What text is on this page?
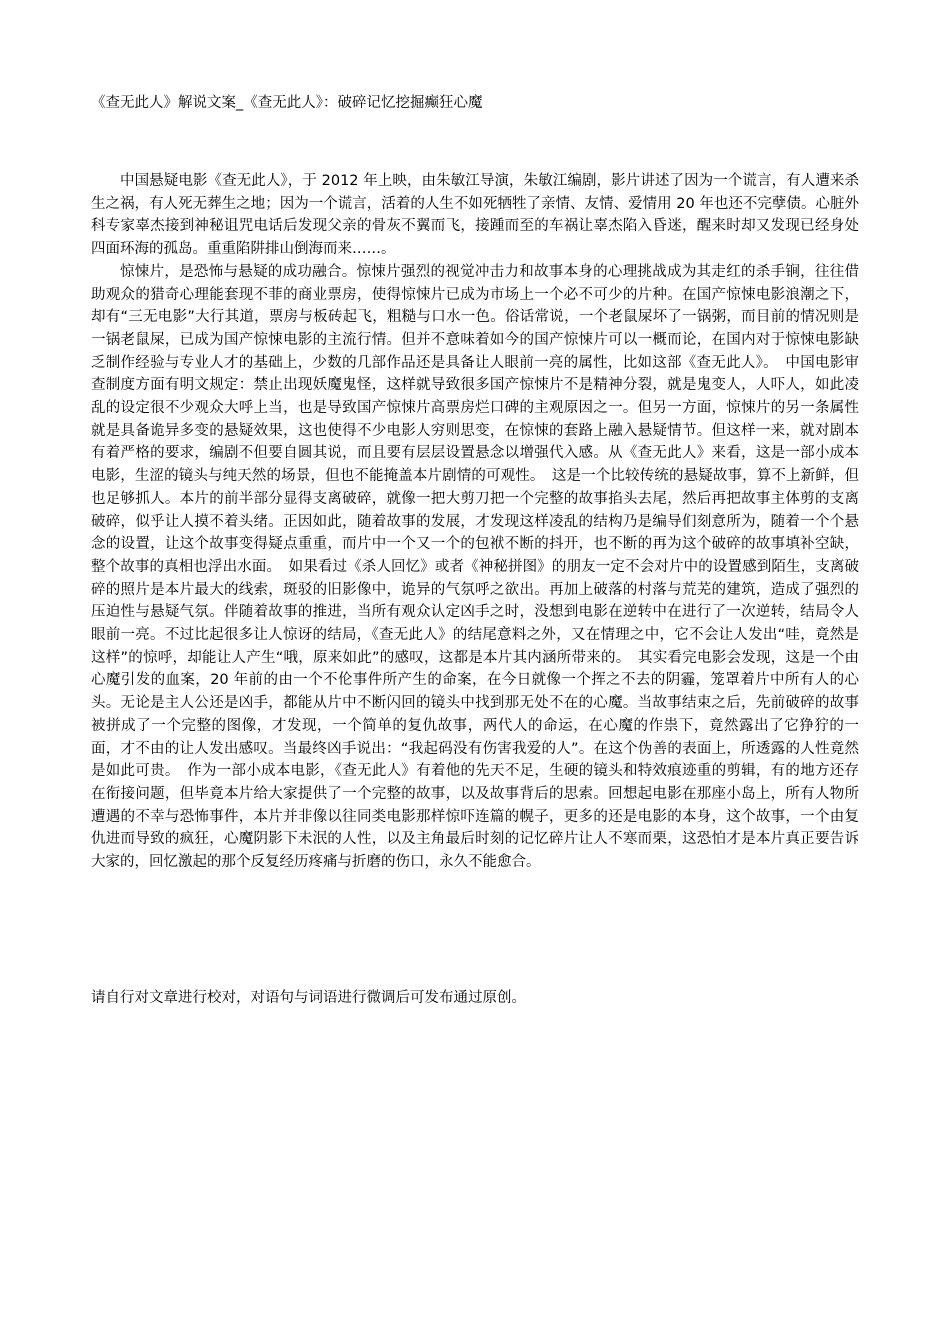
《查无此人》解说文案_《查无此人》：破碎记忆挖掘癫狂心魔

中国悬疑电影《查无此人》，于 2012 年上映，由朱敏江导演，朱敏江编剧，影片讲述了因为一个谎言，有人遭来杀生之祸，有人死无葬生之地；因为一个谎言，活着的人生不如死牺牲了亲情、友情、爱情用 20 年也还不完孽债。心脏外科专家辜杰接到神秘诅咒电话后发现父亲的骨灰不翼而飞，接踵而至的车祸让辜杰陷入昏迷，醒来时却又发现已经身处四面环海的孤岛。重重陷阱排山倒海而来……。

惊悚片，是恐怖与悬疑的成功融合。惊悚片强烈的视觉冲击力和故事本身的心理挑战成为其走红的杀手锏，往往借助观众的猎奇心理能套现不菲的商业票房，使得惊悚片已成为市场上一个必不可少的片种。在国产惊悚电影浪潮之下，却有“三无电影”大行其道，票房与板砖起飞，粗糙与口水一色。俗话常说，一个老鼠屎坏了一锅粥，而目前的情况则是一锅老鼠屎，已成为国产惊悚电影的主流行情。但并不意味着如今的国产惊悚片可以一概而论，在国内对于惊悚电影缺乏制作经验与专业人才的基础上，少数的几部作品还是具备让人眼前一亮的属性，比如这部《查无此人》。　中国电影审查制度方面有明文规定：禁止出现妖魔鬼怪，这样就导致很多国产惊悚片不是精神分裂，就是鬼变人，人吓人，如此凌乱的设定很不少观众大呼上当，也是导致国产惊悚片高票房烂口碑的主观原因之一。但另一方面，惊悚片的另一条属性就是具备诡异多变的悬疑效果，这也使得不少电影人穷则思变，在惊悚的套路上融入悬疑情节。但这样一来，就对剧本有着严格的要求，编剧不但要自圆其说，而且要有层层设置悬念以增强代入感。从《查无此人》来看，这是一部小成本电影，生涩的镜头与纯天然的场景，但也不能掩盖本片剧情的可观性。　这是一个比较传统的悬疑故事，算不上新鲜，但也足够抓人。本片的前半部分显得支离破碎，就像一把大剪刀把一个完整的故事掐头去尾，然后再把故事主体剪的支离破碎，似乎让人摸不着头绪。正因如此，随着故事的发展，才发现这样凌乱的结构乃是编导们刻意所为，随着一个个悬念的设置，让这个故事变得疑点重重，而片中一个又一个的包袱不断的抖开，也不断的再为这个破碎的故事填补空缺，整个故事的真相也浮出水面。　如果看过《杀人回忆》或者《神秘拼图》的朋友一定不会对片中的设置感到陌生，支离破碎的照片是本片最大的线索，斑驳的旧影像中，诡异的气氛呼之欲出。再加上破落的村落与荒芜的建筑，造成了强烈的压迫性与悬疑气氛。伴随着故事的推进，当所有观众认定凶手之时，没想到电影在逆转中在进行了一次逆转，结局令人眼前一亮。不过比起很多让人惊讶的结局，《查无此人》的结尾意料之外，又在情理之中，它不会让人发出“哇，竟然是这样”的惊呼，却能让人产生“哦，原来如此”的感叹，这都是本片其内涵所带来的。　其实看完电影会发现，这是一个由心魔引发的血案，20 年前的由一个不伦事件所产生的命案，在今日就像一个挥之不去的阴霾，笼罩着片中所有人的心头。无论是主人公还是凶手，都能从片中不断闪回的镜头中找到那无处不在的心魔。当故事结束之后，先前破碎的故事被拼成了一个完整的图像，才发现，一个简单的复仇故事，两代人的命运，在心魔的作祟下，竟然露出了它狰狞的一面，才不由的让人发出感叹。当最终凶手说出：“我起码没有伤害我爱的人”。在这个伪善的表面上，所透露的人性竟然是如此可贵。　作为一部小成本电影，《查无此人》有着他的先天不足，生硬的镜头和特效痕迹重的剪辑，有的地方还存在衔接问题，但毕竟本片给大家提供了一个完整的故事，以及故事背后的思索。回想起电影在那座小岛上，所有人物所遭遇的不幸与恐怖事件，本片并非像以往同类电影那样惊吓连篇的幌子，更多的还是电影的本身，这个故事，一个由复仇进而导致的疯狂，心魔阴影下未泯的人性，以及主角最后时刻的记忆碎片让人不寒而栗，这恐怕才是本片真正要告诉大家的，回忆激起的那个反复经历疼痛与折磨的伤口，永久不能愈合。

请自行对文章进行校对，对语句与词语进行微调后可发布通过原创。
